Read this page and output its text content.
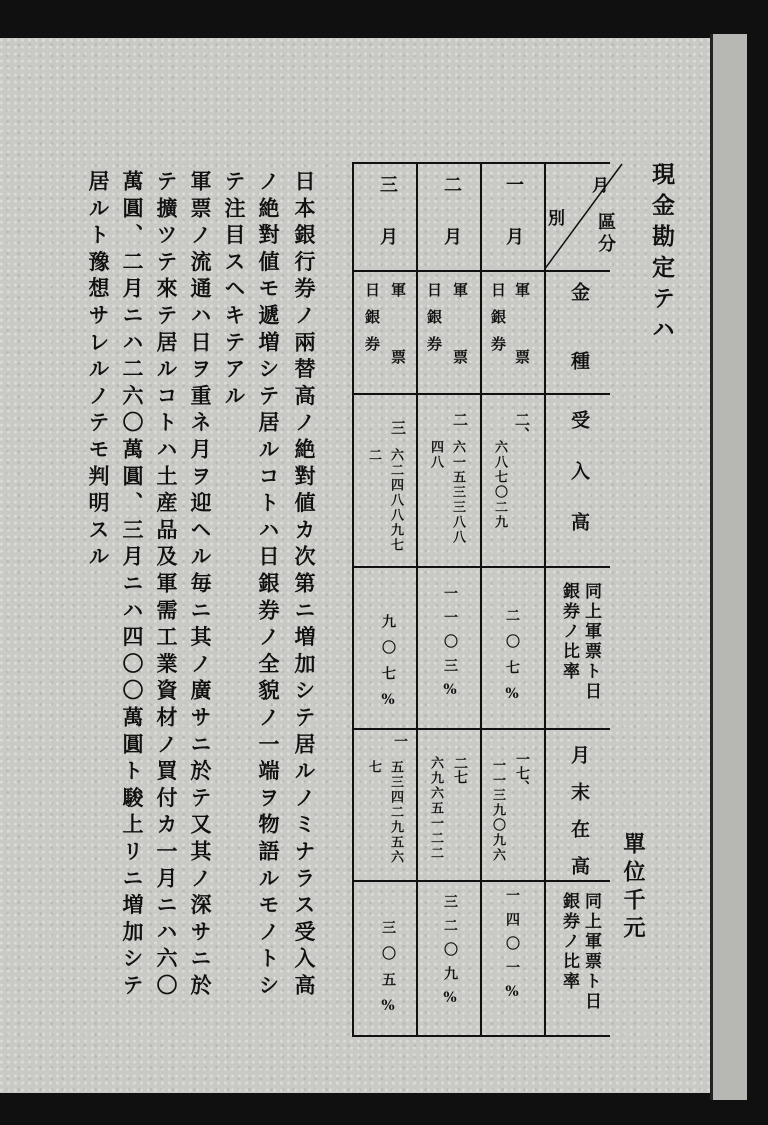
現金勘定テハ
單位千元
月
別 區分
金種
受入高
同上軍票ト日銀券ノ比率
月末在高
同上軍票ト日銀券ノ比率
一月
軍票
日銀券
二、
六八七〇二九
二〇七%
一七、
一一三九〇九六
一四〇一%
二月
軍票
日銀券
二
六一五三三八八四八
一一〇三%
二七
六九六五一二二
三二〇九%
三月
軍票
日銀券
三
六二四八八九七二
九〇七%
一
五三四二九五六七
三〇五%
日本銀行券ノ兩替高ノ絶對値カ次第ニ増加シテ居ルノミナラス受入高
ノ絶對値モ遞増シテ居ルコトハ日銀券ノ全貌ノ一端ヲ物語ルモノトシ
テ注目スヘキテアル
軍票ノ流通ハ日ヲ重ネ月ヲ迎ヘル毎ニ其ノ廣サニ於テ又其ノ深サニ於
テ擴ツテ來テ居ルコトハ土産品及軍需工業資材ノ買付カ一月ニハ六〇
萬圓、二月ニハ二六〇萬圓、三月ニハ四〇〇萬圓ト駿上リニ増加シテ
居ルト豫想サレルノテモ判明スル
